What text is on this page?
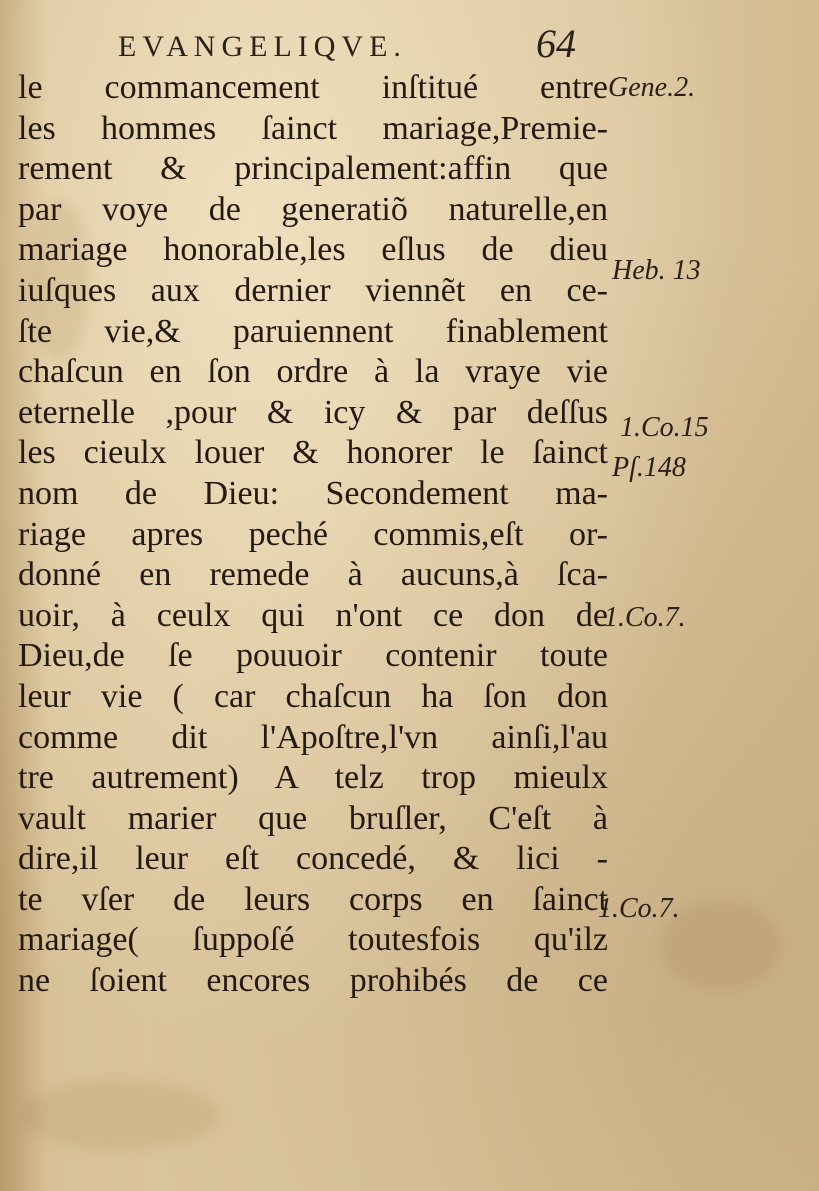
EVANGELIQVE.	64
le commancement inſtitué entre
les hommes ſainct mariage,Premie-
rement & principalement:affin que
par voye de generatiõ naturelle,en
mariage honorable,les eſlus de dieu
iuſques aux dernier viennẽt en ce-
ſte vie,& paruiennent finablement
chaſcun en ſon ordre à la vraye vie
eternelle ,pour & icy & par deſſus
les cieulx louer & honorer le ſainct
nom de Dieu: Secondement ma-
riage apres peché commis,eſt or-
donné en remede à aucuns,à ſca-
uoir, à ceulx qui n'ont ce don de
Dieu,de ſe pouuoir contenir toute
leur vie ( car chaſcun ha ſon don
comme dit l'Apoſtre,l'vn ainſi,l'au
tre autrement) A telz trop mieulx
vault marier que bruſler, C'eſt à
dire,il leur eſt concedé, & lici -
te vſer de leurs corps en ſainct
mariage( ſuppoſé toutesfois qu'ilz
ne ſoient encores prohibés de ce
Gene.2.
Heb. 13
1.Co.15
Pſ.148
1.Co.7.
1.Co.7.
